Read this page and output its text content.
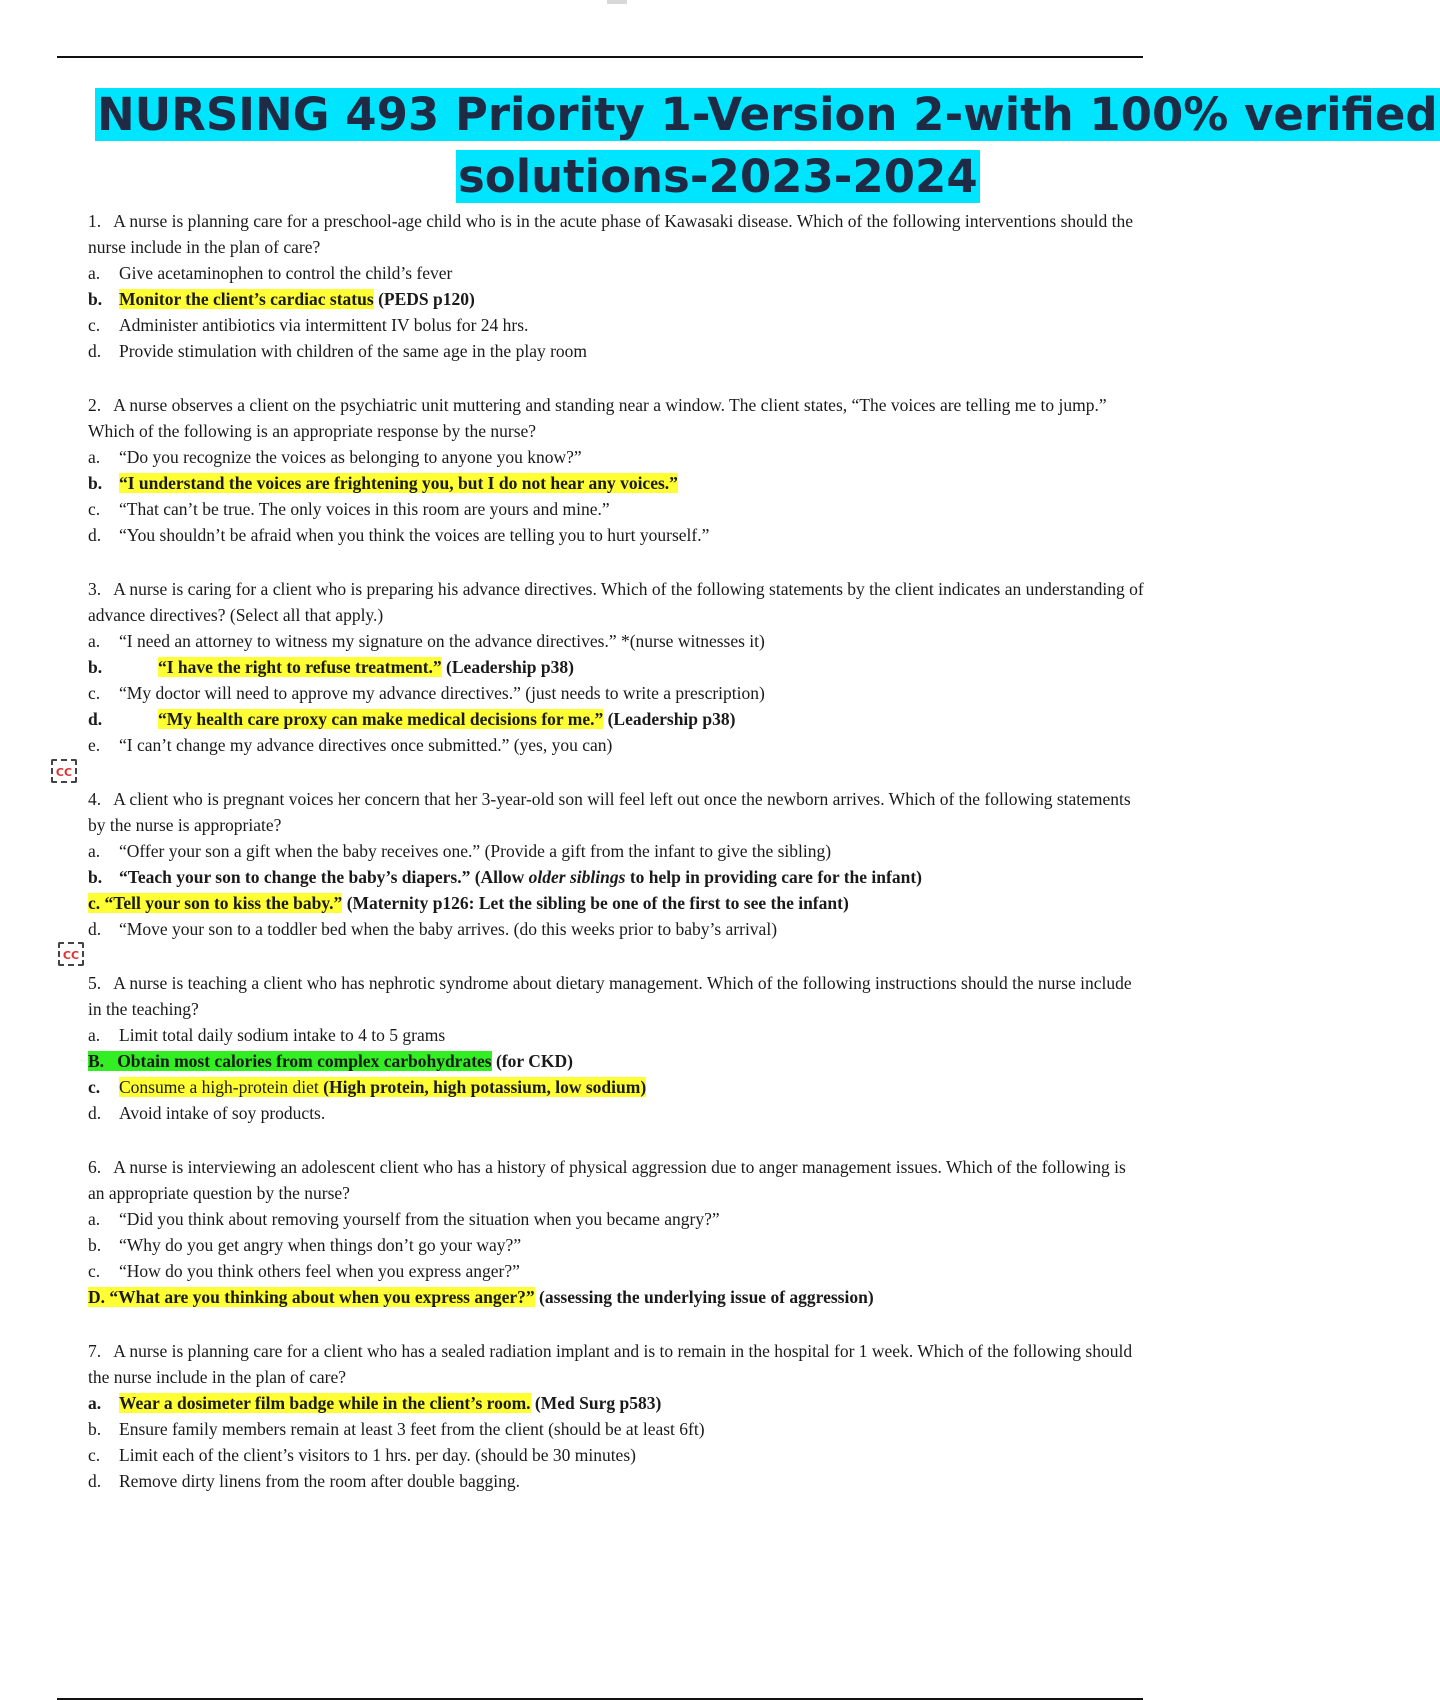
NURSING 493 Priority 1-Version 2-with 100% verified
solutions-2023-2024
CC
CC

1. A nurse is planning care for a preschool-age child who is in the acute phase of Kawasaki disease. Which of the following interventions should the nurse include in the plan of care?

a. Give acetaminophen to control the child’s fever

b. Monitor the client’s cardiac status (PEDS p120)

c. Administer antibiotics via intermittent IV bolus for 24 hrs.

d. Provide stimulation with children of the same age in the play room

2. A nurse observes a client on the psychiatric unit muttering and standing near a window. The client states, “The voices are telling me to jump.” Which of the following is an appropriate response by the nurse?

a. “Do you recognize the voices as belonging to anyone you know?”

b. “I understand the voices are frightening you, but I do not hear any voices.”

c. “That can’t be true. The only voices in this room are yours and mine.”

d. “You shouldn’t be afraid when you think the voices are telling you to hurt yourself.”

3. A nurse is caring for a client who is preparing his advance directives. Which of the following statements by the client indicates an understanding of advance directives? (Select all that apply.)

a. “I need an attorney to witness my signature on the advance directives.” *(nurse witnesses it)

b.	“I have the right to refuse treatment.” (Leadership p38)

c. “My doctor will need to approve my advance directives.” (just needs to write a prescription)

d.	“My health care proxy can make medical decisions for me.” (Leadership p38)

e. “I can’t change my advance directives once submitted.” (yes, you can)

4. A client who is pregnant voices her concern that her 3-year-old son will feel left out once the newborn arrives. Which of the following statements by the nurse is appropriate?

a. “Offer your son a gift when the baby receives one.” (Provide a gift from the infant to give the sibling)

b. “Teach your son to change the baby’s diapers.” (Allow older siblings to help in providing care for the infant)

c. “Tell your son to kiss the baby.” (Maternity p126: Let the sibling be one of the first to see the infant)

d. “Move your son to a toddler bed when the baby arrives. (do this weeks prior to baby’s arrival)

5. A nurse is teaching a client who has nephrotic syndrome about dietary management. Which of the following instructions should the nurse include in the teaching?

a. Limit total daily sodium intake to 4 to 5 grams

B. Obtain most calories from complex carbohydrates (for CKD)

c. Consume a high-protein diet (High protein, high potassium, low sodium)

d. Avoid intake of soy products.

6. A nurse is interviewing an adolescent client who has a history of physical aggression due to anger management issues. Which of the following is an appropriate question by the nurse?

a. “Did you think about removing yourself from the situation when you became angry?”

b. “Why do you get angry when things don’t go your way?”

c. “How do you think others feel when you express anger?”

D. “What are you thinking about when you express anger?” (assessing the underlying issue of aggression)

7. A nurse is planning care for a client who has a sealed radiation implant and is to remain in the hospital for 1 week. Which of the following should the nurse include in the plan of care?

a. Wear a dosimeter film badge while in the client’s room. (Med Surg p583)

b. Ensure family members remain at least 3 feet from the client (should be at least 6ft)

c. Limit each of the client’s visitors to 1 hrs. per day. (should be 30 minutes)

d. Remove dirty linens from the room after double bagging.
